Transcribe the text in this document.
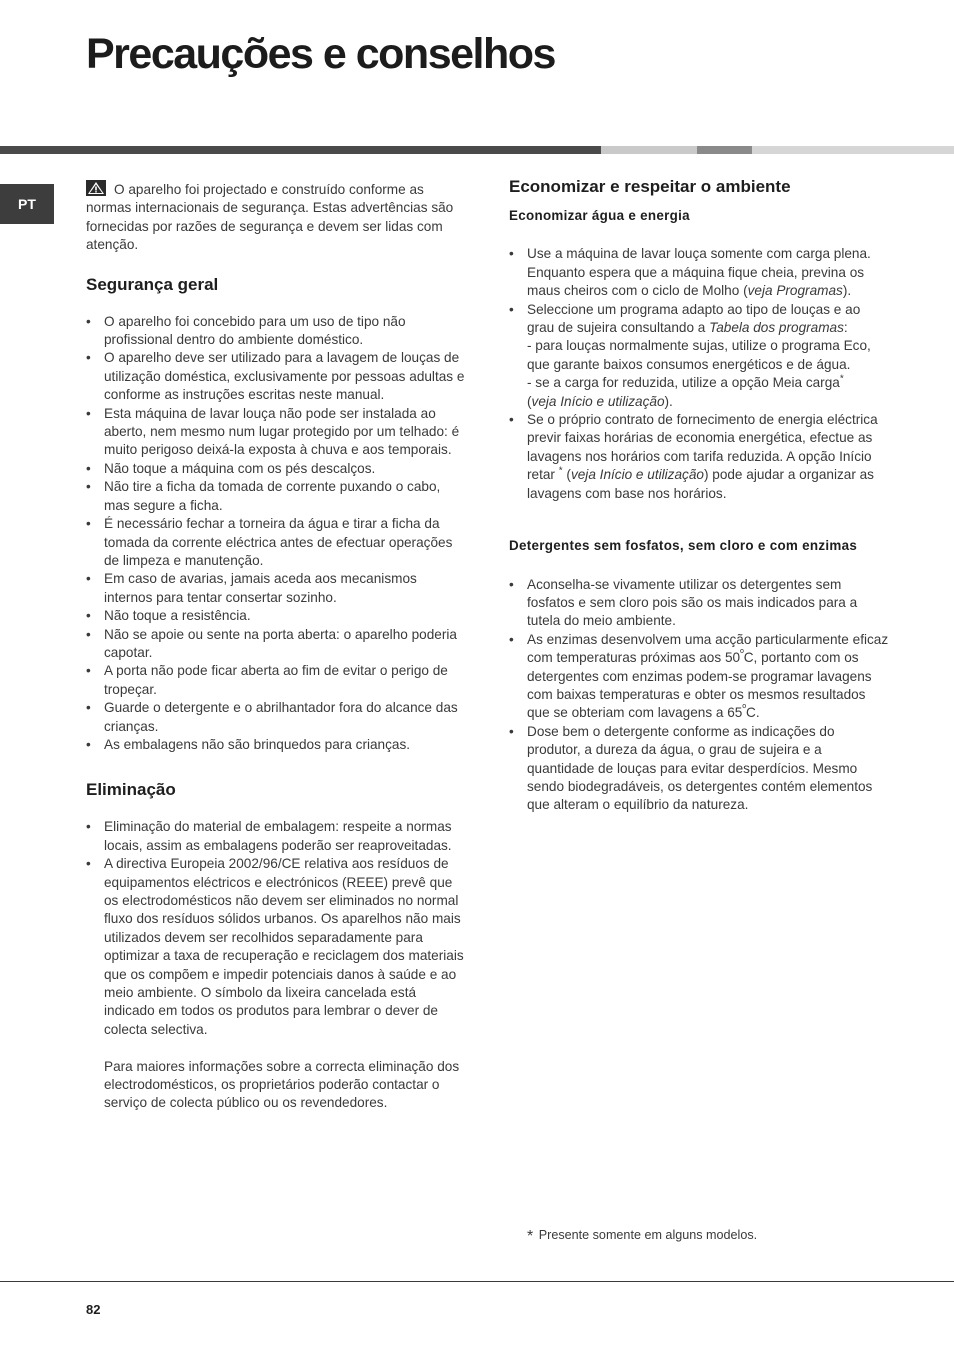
Precauções e conselhos
PT

O aparelho foi projectado e construído conforme as normas internacionais de segurança. Estas advertências são fornecidas por razões de segurança e devem ser lidas com atenção.

Segurança geral
• O aparelho foi concebido para um uso de tipo não profissional dentro do ambiente doméstico.
• O aparelho deve ser utilizado para a lavagem de louças de utilização doméstica, exclusivamente por pessoas adultas e conforme as instruções escritas neste manual.
• Esta máquina de lavar louça não pode ser instalada ao aberto, nem mesmo num lugar protegido por um telhado: é muito perigoso deixá-la exposta à chuva e aos temporais.
• Não toque a máquina com os pés descalços.
• Não tire a ficha da tomada de corrente puxando o cabo, mas segure a ficha.
• É necessário fechar a torneira da água e tirar a ficha da tomada da corrente eléctrica antes de efectuar operações de limpeza e manutenção.
• Em caso de avarias, jamais aceda aos mecanismos internos para tentar consertar sozinho.
• Não toque a resistência.
• Não se apoie ou sente na porta aberta: o aparelho poderia capotar.
• A porta não pode ficar aberta ao fim de evitar o perigo de tropeçar.
• Guarde o detergente e o abrilhantador fora do alcance das crianças.
• As embalagens não são brinquedos para crianças.
Eliminação
• Eliminação do material de embalagem: respeite a normas locais, assim as embalagens poderão ser reaproveitadas.
• A directiva Europeia 2002/96/CE relativa aos resíduos de equipamentos eléctricos e electrónicos (REEE) prevê que os electrodomésticos não devem ser eliminados no normal fluxo dos resíduos sólidos urbanos. Os aparelhos não mais utilizados devem ser recolhidos separadamente para optimizar a taxa de recuperação e reciclagem dos materiais que os compõem e impedir potenciais danos à saúde e ao meio ambiente. O símbolo da lixeira cancelada está indicado em todos os produtos para lembrar o dever de colecta selectiva.
Para maiores informações sobre a correcta eliminação dos electrodomésticos, os proprietários poderão contactar o serviço de colecta público ou os revendedores.
Economizar e respeitar o ambiente
Economizar água e energia
• Use a máquina de lavar louça somente com carga plena. Enquanto espera que a máquina fique cheia, previna os maus cheiros com o ciclo de Molho (veja Programas).
• Seleccione um programa adapto ao tipo de louças e ao grau de sujeira consultando a Tabela dos programas:
- para louças normalmente sujas, utilize o programa Eco, que garante baixos consumos energéticos e de água.
- se a carga for reduzida, utilize a opção Meia carga*
(veja Início e utilização).
• Se o próprio contrato de fornecimento de energia eléctrica previr faixas horárias de economia energética, efectue as lavagens nos horários com tarifa reduzida. A opção Início retar * (veja Início e utilização) pode ajudar a organizar as lavagens com base nos horários.
Detergentes sem fosfatos, sem cloro e com enzimas
• Aconselha-se vivamente utilizar os detergentes sem fosfatos e sem cloro pois são os mais indicados para a tutela do meio ambiente.
• As enzimas desenvolvem uma acção particularmente eficaz com temperaturas próximas aos $50^ºC$, portanto com os detergentes com enzimas podem-se programar lavagens com baixas temperaturas e obter os mesmos resultados que se obteriam com lavagens a $65^ºC$.
• Dose bem o detergente conforme as indicações do produtor, a dureza da água, o grau de sujeira e a quantidade de louças para evitar desperdícios. Mesmo sendo biodegradáveis, os detergentes contém elementos que alteram o equilíbrio da natureza.
* Presente somente em alguns modelos.
82
